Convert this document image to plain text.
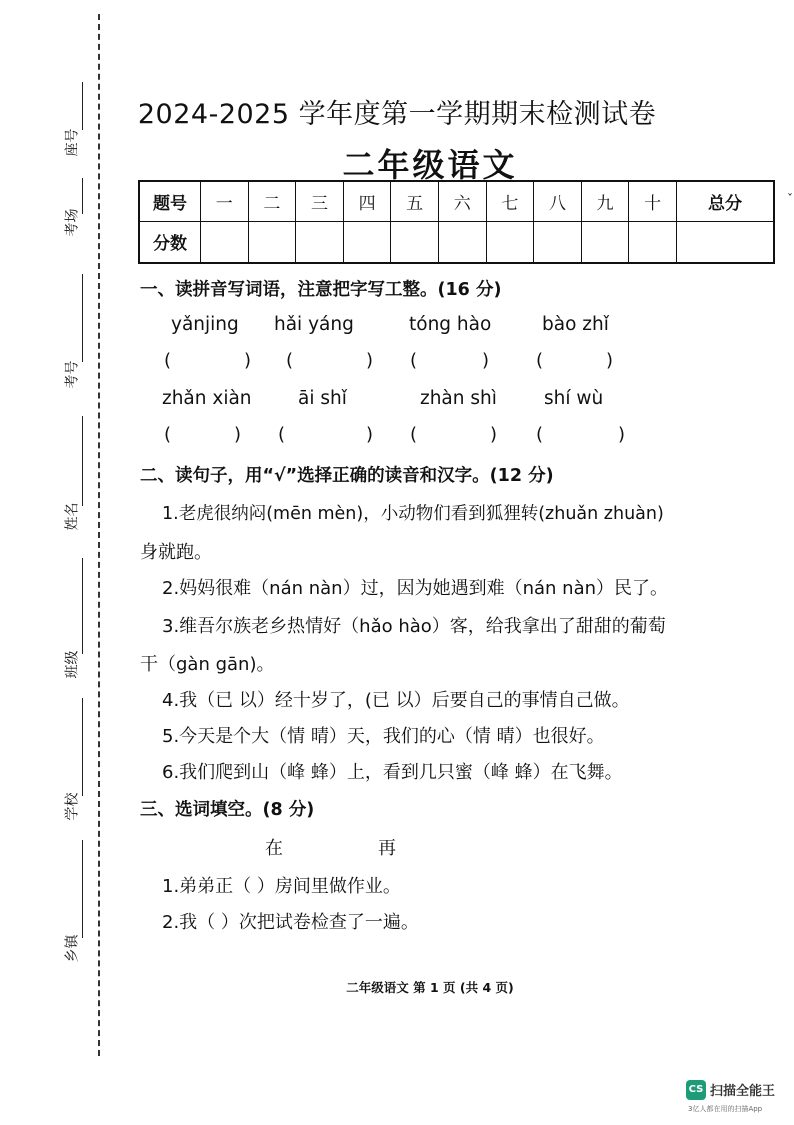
座号
考场
考号
姓名
班级
学校
乡镇
2024-2025 学年度第一学期期末检测试卷
二年级语文
ˇ
题号	一	二	三	四	五	六	七	八	九	十	总分
分数											
一、读拼音写词语，注意把字写工整。(16 分)
yǎnjing hǎi yáng	tóng hào	bào zhǐ
(	) (	) (	)	(	)
zhǎn xiàn	āi shǐ	zhàn shì	shí wù
(	) (	) (	) (	)
二、读句子，用“√”选择正确的读音和汉字。(12 分)
1.老虎很纳闷(mēn mèn)，小动物们看到狐狸转(zhuǎn zhuàn)
身就跑。
2.妈妈很难（nán nàn）过，因为她遇到难（nán nàn）民了。
3.维吾尔族老乡热情好（hǎo hào）客，给我拿出了甜甜的葡萄
干（gàn gān)。
4.我（已 以）经十岁了，(已 以）后要自己的事情自己做。
5.今天是个大（情 晴）天，我们的心（情 晴）也很好。
6.我们爬到山（峰 蜂）上，看到几只蜜（峰 蜂）在飞舞。
三、选词填空。(8 分)
在	再
1.弟弟正（ ）房间里做作业。
2.我（ ）次把试卷检查了一遍。
二年级语文 第 1 页 (共 4 页)
CS 扫描全能王
3亿人都在用的扫描App
